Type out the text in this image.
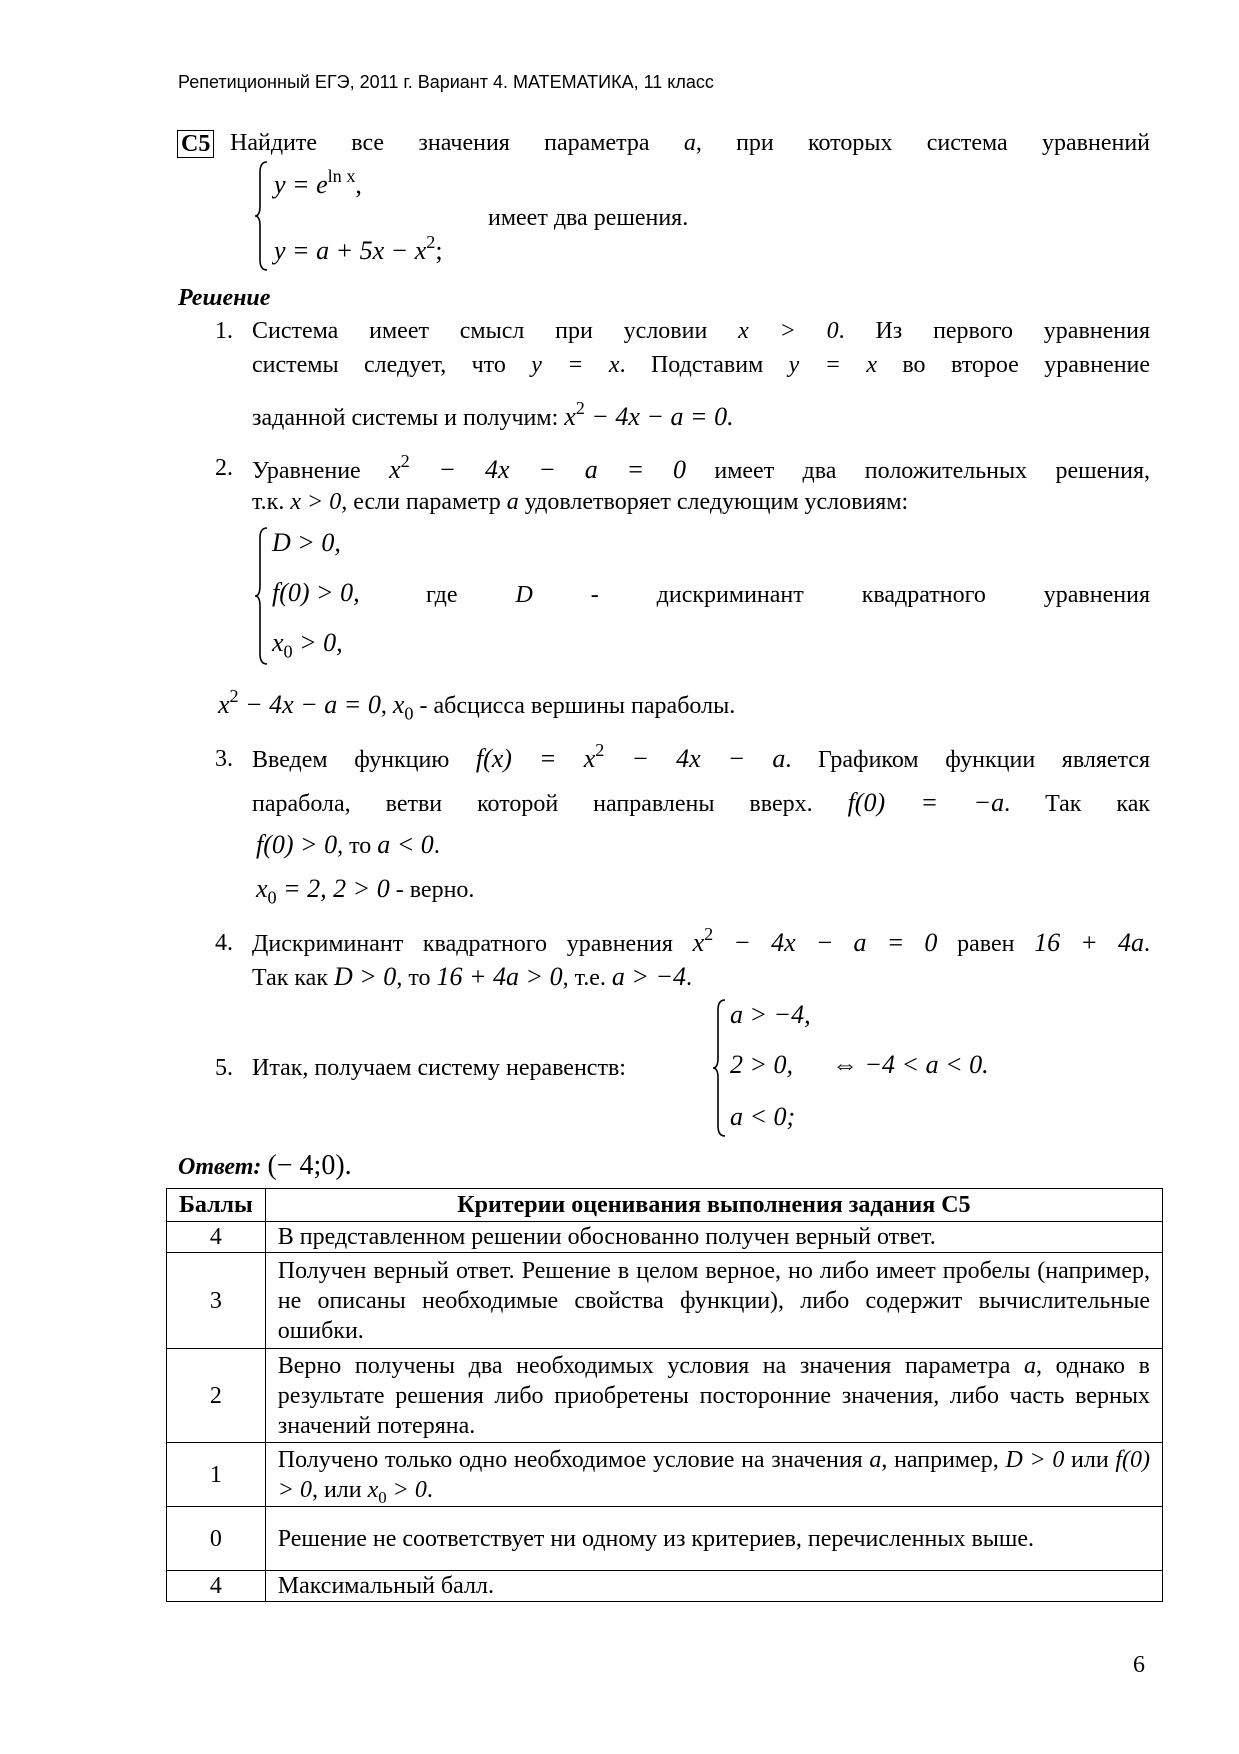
Репетиционный ЕГЭ, 2011 г. Вариант 4. МАТЕМАТИКА, 11 класс
С5 Найдите все значения параметра a, при которых система уравнений
$y = e^{ln x}$,
$y = a + 5x - x^2$;
имеет два решения.
Решение
1. Система имеет смысл при условии x > 0. Из первого уравнения
системы следует, что y = x. Подставим y = x во второе уравнение
заданной системы и получим: $x^2 - 4x - a = 0$.
2. Уравнение $x^2 - 4x - a = 0$ имеет два положительных решения,
т.к. x > 0, если параметр a удовлетворяет следующим условиям:
D > 0,
f(0) > 0,
$x_0 > 0$,
где D - дискриминант квадратного уравнения
$x^2 - 4x - a = 0$, $x_0$ - абсцисса вершины параболы.
3. Введем функцию $f(x) = x^2 - 4x - a$. Графиком функции является
парабола, ветви которой направлены вверх. f(0) = −a. Так как
f(0) > 0, то a < 0.
$x_0 = 2$, 2 > 0 - верно.
4. Дискриминант квадратного уравнения $x^2 - 4x - a = 0$ равен 16 + 4a.
Так как D > 0, то 16 + 4a > 0, т.е. a > −4.
5. Итак, получаем систему неравенств:
a > −4,
2 > 0,
a < 0;
⇔ −4 < a < 0.
Ответ: (− 4;0).
Баллы	Критерии оценивания выполнения задания С5
4	В представленном решении обоснованно получен верный ответ.
3	Получен верный ответ. Решение в целом верное, но либо имеет пробелы (например, не описаны необходимые свойства функции), либо содержит вычислительные ошибки.
2	Верно получены два необходимых условия на значения параметра a, однако в результате решения либо приобретены посторонние значения, либо часть верных значений потеряна.
1	Получено только одно необходимое условие на значения a, например, D > 0 или f(0) > 0, или $x_0 > 0$.
0	Решение не соответствует ни одному из критериев, перечисленных выше.
4	Максимальный балл.
6
